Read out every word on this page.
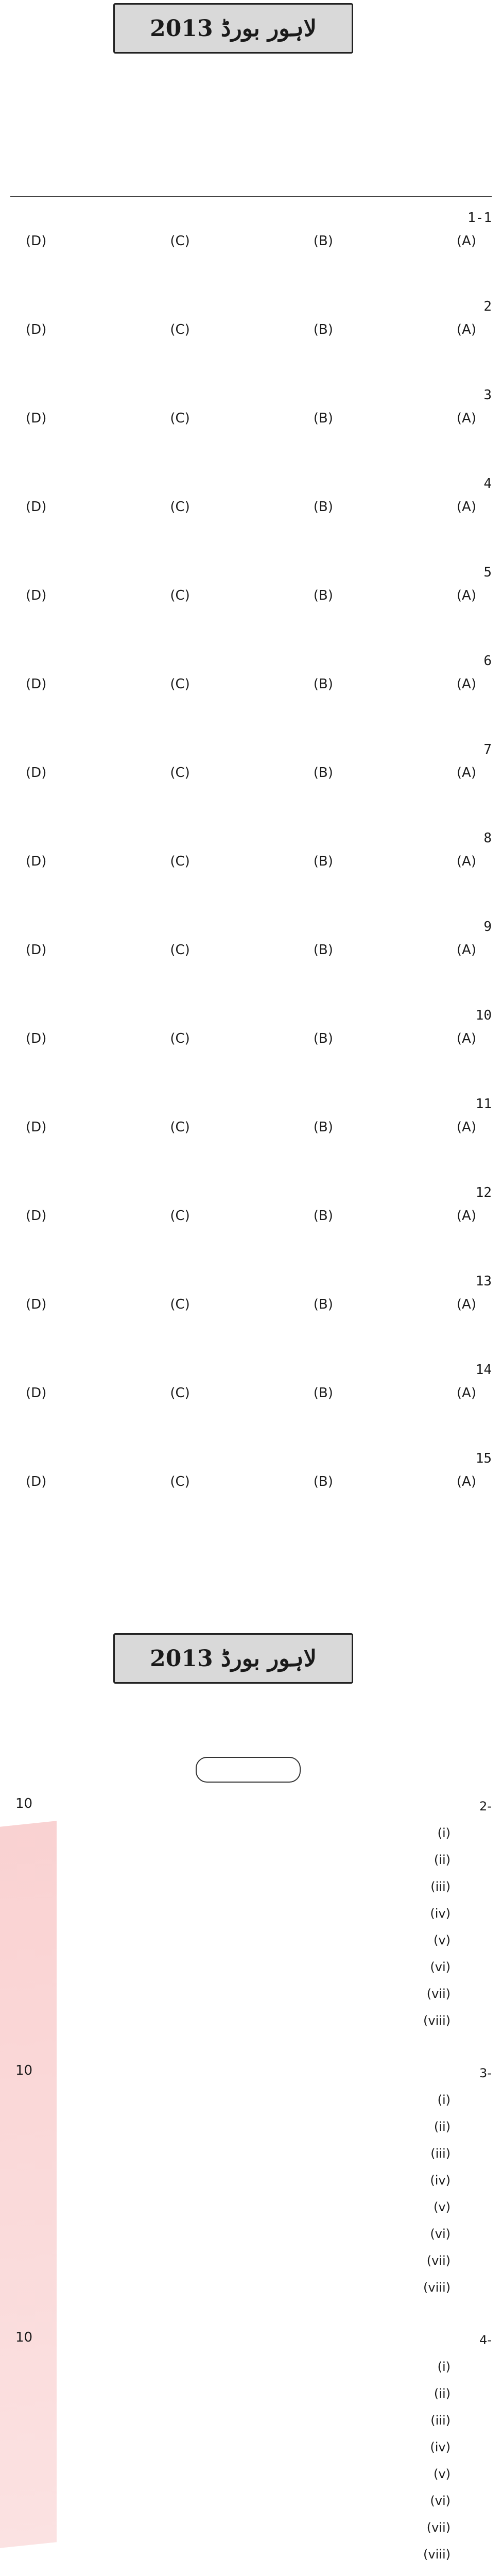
2013 لاہور بورڈ
1-1
(A)
(B)
(C)
(D)
2
(A)
(B)
(C)
(D)
3
(A)
(B)
(C)
(D)
4
(A)
(B)
(C)
(D)
5
(A)
(B)
(C)
(D)
6
(A)
(B)
(C)
(D)
7
(A)
(B)
(C)
(D)
8
(A)
(B)
(C)
(D)
9
(A)
(B)
(C)
(D)
10
(A)
(B)
(C)
(D)
11
(A)
(B)
(C)
(D)
12
(A)
(B)
(C)
(D)
13
(A)
(B)
(C)
(D)
14
(A)
(B)
(C)
(D)
15
(A)
(B)
(C)
(D)
2013 لاہور بورڈ
-2
(i)
(ii)
(iii)
(iv)
(v)
(vi)
(vii)
(viii)
10
-3
(i)
(ii)
(iii)
(iv)
(v)
(vi)
(vii)
(viii)
10
-4
(i)
(ii)
(iii)
(iv)
(v)
(vi)
(vii)
(viii)
10
